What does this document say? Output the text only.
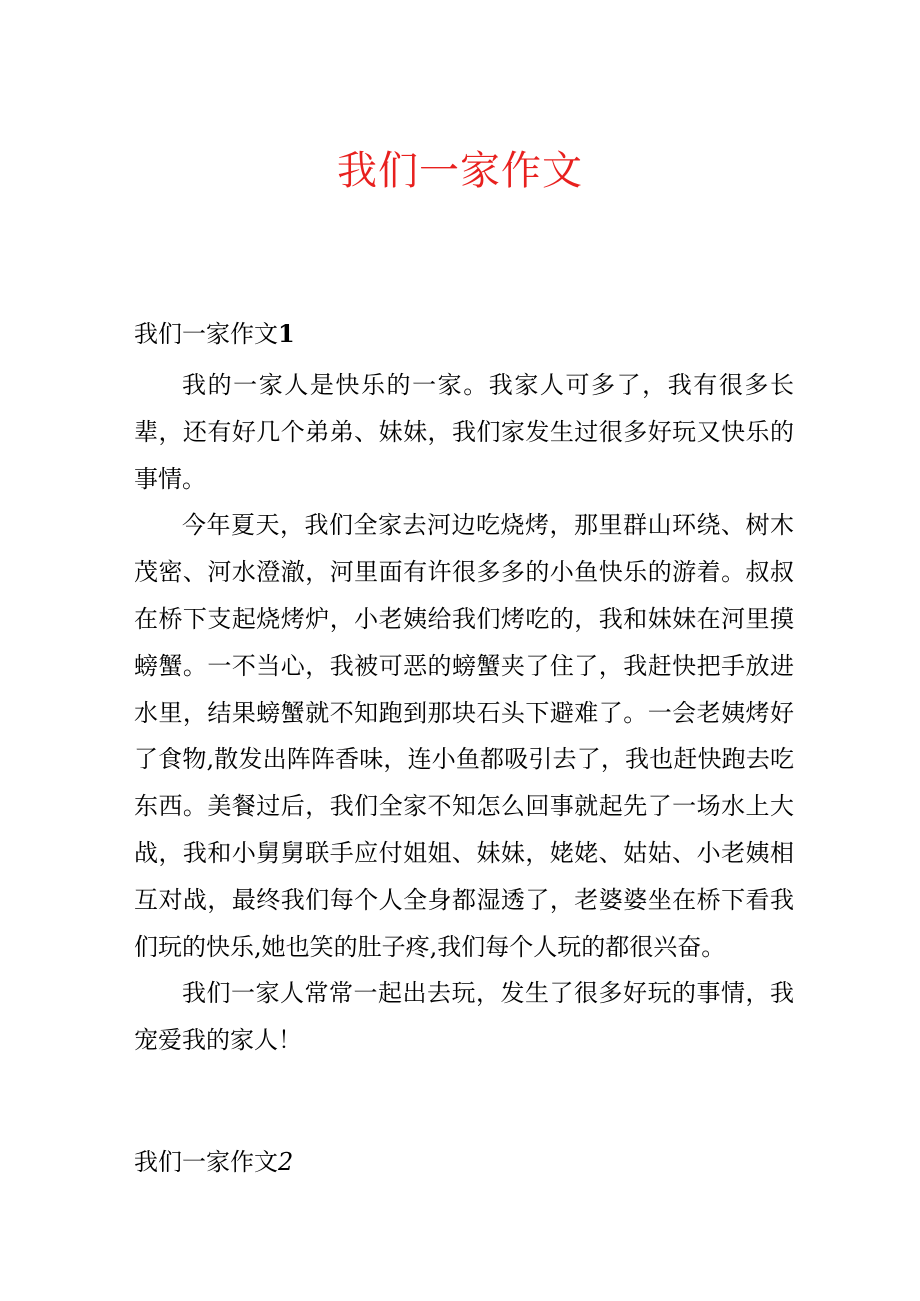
我们一家作文
我们一家作文1

我的一家人是快乐的一家。我家人可多了，我有很多长辈，还有好几个弟弟、妹妹，我们家发生过很多好玩又快乐的事情。

今年夏天，我们全家去河边吃烧烤，那里群山环绕、树木茂密、河水澄澈，河里面有许很多多的小鱼快乐的游着。叔叔在桥下支起烧烤炉，小老姨给我们烤吃的，我和妹妹在河里摸螃蟹。一不当心，我被可恶的螃蟹夹了住了，我赶快把手放进水里，结果螃蟹就不知跑到那块石头下避难了。一会老姨烤好了食物,散发出阵阵香味，连小鱼都吸引去了，我也赶快跑去吃东西。美餐过后，我们全家不知怎么回事就起先了一场水上大战，我和小舅舅联手应付姐姐、妹妹，姥姥、姑姑、小老姨相互对战，最终我们每个人全身都湿透了，老婆婆坐在桥下看我们玩的快乐,她也笑的肚子疼,我们每个人玩的都很兴奋。

我们一家人常常一起出去玩，发生了很多好玩的事情，我宠爱我的家人！

我们一家作文2
